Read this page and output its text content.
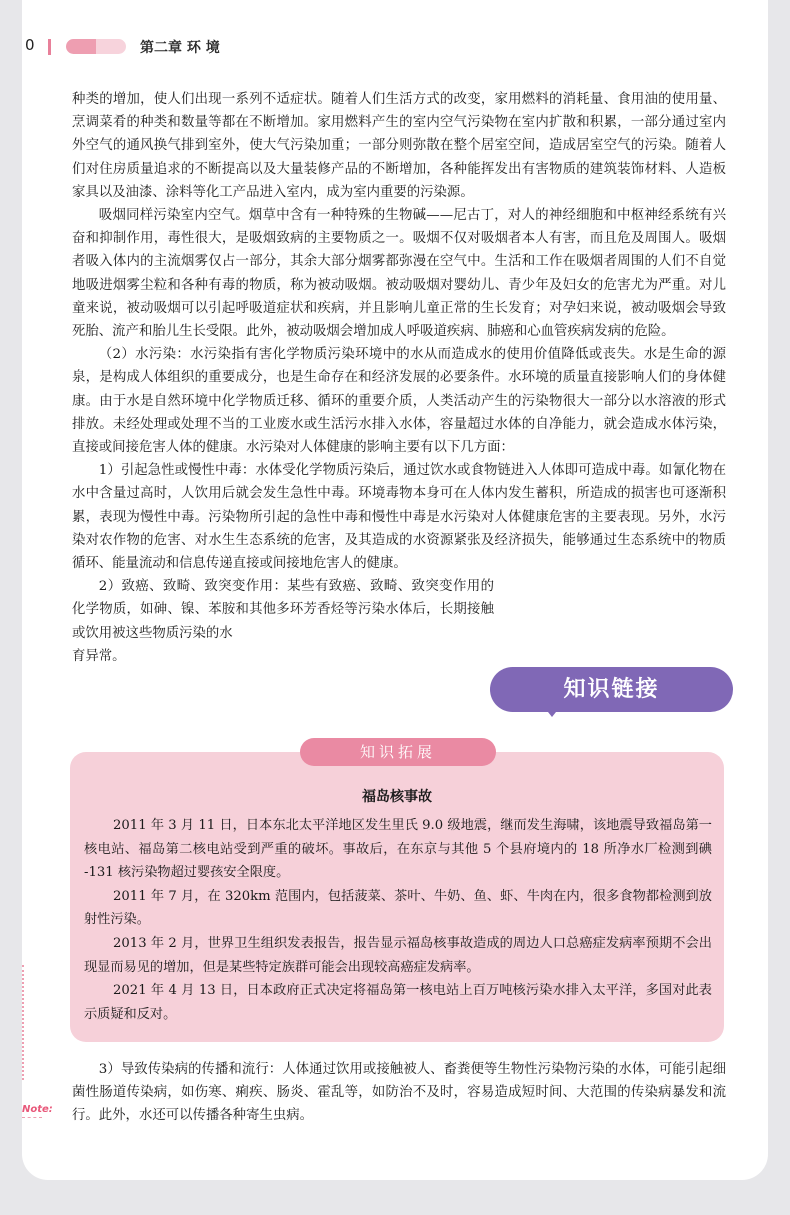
0	第二章 环 境

种类的增加，使人们出现一系列不适症状。随着人们生活方式的改变，家用燃料的消耗量、食用油的使用量、烹调菜肴的种类和数量等都在不断增加。家用燃料产生的室内空气污染物在室内扩散和积累，一部分通过室内外空气的通风换气排到室外，使大气污染加重；一部分则弥散在整个居室空间，造成居室空气的污染。随着人们对住房质量追求的不断提高以及大量装修产品的不断增加，各种能挥发出有害物质的建筑装饰材料、人造板家具以及油漆、涂料等化工产品进入室内，成为室内重要的污染源。

吸烟同样污染室内空气。烟草中含有一种特殊的生物碱——尼古丁，对人的神经细胞和中枢神经系统有兴奋和抑制作用，毒性很大，是吸烟致病的主要物质之一。吸烟不仅对吸烟者本人有害，而且危及周围人。吸烟者吸入体内的主流烟雾仅占一部分，其余大部分烟雾都弥漫在空气中。生活和工作在吸烟者周围的人们不自觉地吸进烟雾尘粒和各种有毒的物质，称为被动吸烟。被动吸烟对婴幼儿、青少年及妇女的危害尤为严重。对儿童来说，被动吸烟可以引起呼吸道症状和疾病，并且影响儿童正常的生长发育；对孕妇来说，被动吸烟会导致死胎、流产和胎儿生长受限。此外，被动吸烟会增加成人呼吸道疾病、肺癌和心血管疾病发病的危险。

（2）水污染：水污染指有害化学物质污染环境中的水从而造成水的使用价值降低或丧失。水是生命的源泉，是构成人体组织的重要成分，也是生命存在和经济发展的必要条件。水环境的质量直接影响人们的身体健康。由于水是自然环境中化学物质迁移、循环的重要介质，人类活动产生的污染物很大一部分以水溶液的形式排放。未经处理或处理不当的工业废水或生活污水排入水体，容量超过水体的自净能力，就会造成水体污染，直接或间接危害人体的健康。水污染对人体健康的影响主要有以下几方面：

1）引起急性或慢性中毒：水体受化学物质污染后，通过饮水或食物链进入人体即可造成中毒。如氰化物在水中含量过高时，人饮用后就会发生急性中毒。环境毒物本身可在人体内发生蓄积，所造成的损害也可逐渐积累，表现为慢性中毒。污染物所引起的急性中毒和慢性中毒是水污染对人体健康危害的主要表现。另外，水污染对农作物的危害、对水生生态系统的危害，及其造成的水资源紧张及经济损失，能够通过生态系统中的物质循环、能量流动和信息传递直接或间接地危害人的健康。

2）致癌、致畸、致突变作用：某些有致癌、致畸、致突变作用的化学物质，如砷、镍、苯胺和其他多环芳香烃等污染水体后，长期接触或饮用被这些物质污染的水

育异常。

知识链接
知识拓展
福岛核事故

2011 年 3 月 11 日，日本东北太平洋地区发生里氏 9.0 级地震，继而发生海啸，该地震导致福岛第一核电站、福岛第二核电站受到严重的破坏。事故后，在东京与其他 5 个县府境内的 18 所净水厂检测到碘 -131 核污染物超过婴孩安全限度。

2011 年 7 月，在 320km 范围内，包括菠菜、茶叶、牛奶、鱼、虾、牛肉在内，很多食物都检测到放射性污染。

2013 年 2 月，世界卫生组织发表报告，报告显示福岛核事故造成的周边人口总癌症发病率预期不会出现显而易见的增加，但是某些特定族群可能会出现较高癌症发病率。

2021 年 4 月 13 日，日本政府正式决定将福岛第一核电站上百万吨核污染水排入太平洋，多国对此表示质疑和反对。

3）导致传染病的传播和流行：人体通过饮用或接触被人、畜粪便等生物性污染物污染的水体，可能引起细菌性肠道传染病，如伤寒、痢疾、肠炎、霍乱等，如防治不及时，容易造成短时间、大范围的传染病暴发和流行。此外，水还可以传播各种寄生虫病。

Note:
